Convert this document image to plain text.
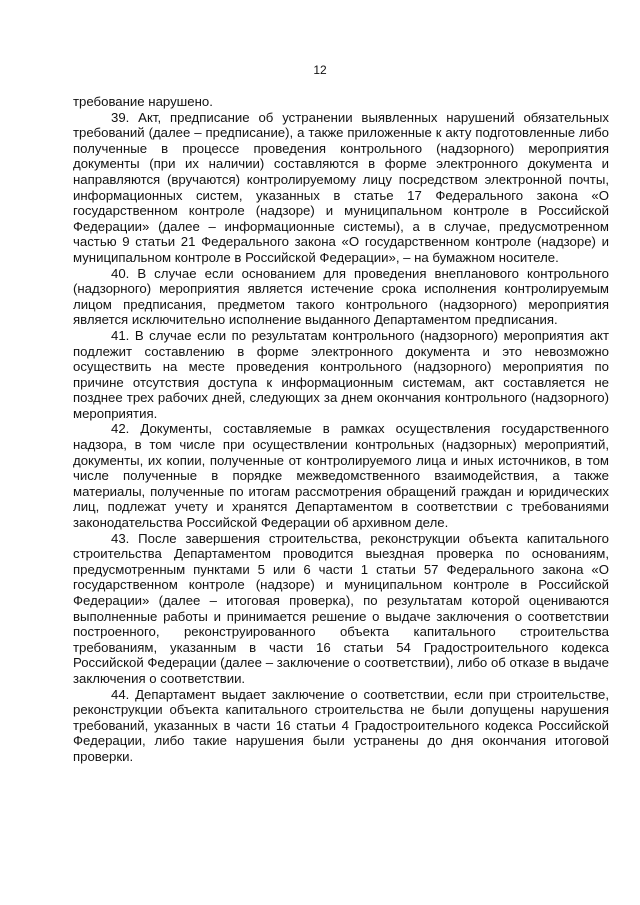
12

требование нарушено.

39. Акт, предписание об устранении выявленных нарушений обязательных требований (далее – предписание), а также приложенные к акту подготовленные либо полученные в процессе проведения контрольного (надзорного) мероприятия документы (при их наличии) составляются в форме электронного документа и направляются (вручаются) контролируемому лицу посредством электронной почты, информационных систем, указанных в статье 17 Федерального закона «О государственном контроле (надзоре) и муниципальном контроле в Российской Федерации» (далее – информационные системы), а в случае, предусмотренном частью 9 статьи 21 Федерального закона «О государственном контроле (надзоре) и муниципальном контроле в Российской Федерации», – на бумажном носителе.

40. В случае если основанием для проведения внепланового контрольного (надзорного) мероприятия является истечение срока исполнения контролируемым лицом предписания, предметом такого контрольного (надзорного) мероприятия является исключительно исполнение выданного Департаментом предписания.

41. В случае если по результатам контрольного (надзорного) мероприятия акт подлежит составлению в форме электронного документа и это невозможно осуществить на месте проведения контрольного (надзорного) мероприятия по причине отсутствия доступа к информационным системам, акт составляется не позднее трех рабочих дней, следующих за днем окончания контрольного (надзорного) мероприятия.

42. Документы, составляемые в рамках осуществления государственного надзора, в том числе при осуществлении контрольных (надзорных) мероприятий, документы, их копии, полученные от контролируемого лица и иных источников, в том числе полученные в порядке межведомственного взаимодействия, а также материалы, полученные по итогам рассмотрения обращений граждан и юридических лиц, подлежат учету и хранятся Департаментом в соответствии с требованиями законодательства Российской Федерации об архивном деле.

43. После завершения строительства, реконструкции объекта капитального строительства Департаментом проводится выездная проверка по основаниям, предусмотренным пунктами 5 или 6 части 1 статьи 57 Федерального закона «О государственном контроле (надзоре) и муниципальном контроле в Российской Федерации» (далее – итоговая проверка), по результатам которой оцениваются выполненные работы и принимается решение о выдаче заключения о соответствии построенного, реконструированного объекта капитального строительства требованиям, указанным в части 16 статьи 54 Градостроительного кодекса Российской Федерации (далее – заключение о соответствии), либо об отказе в выдаче заключения о соответствии.

44. Департамент выдает заключение о соответствии, если при строительстве, реконструкции объекта капитального строительства не были допущены нарушения требований, указанных в части 16 статьи 4 Градостроительного кодекса Российской Федерации, либо такие нарушения были устранены до дня окончания итоговой проверки.
